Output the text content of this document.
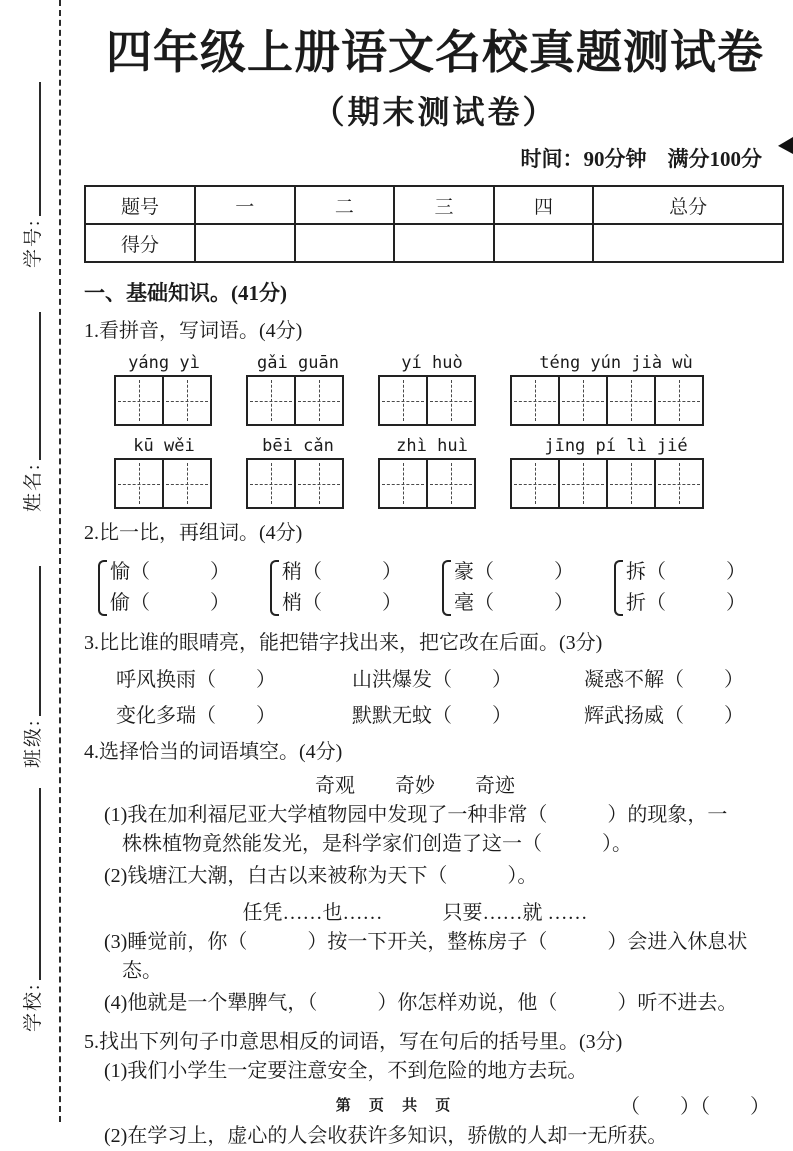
学号:
姓名:
班级:
学校:
四年级上册语文名校真题测试卷
（期末测试卷）
时间：90分钟　满分100分
题号	一	二	三	四	总分
得分					
一、基础知识。(41分)
1.看拼音，写词语。(4分)
yáng yì	gǎi guān	yí huò	téng yún jià wù
kū wěi	bēi cǎn	zhì huì	jīng pí lì jié
2.比一比，再组词。(4分)
愉（　　　）
偷（　　　）
稍（　　　）
梢（　　　）
豪（　　　）
毫（　　　）
拆（　　　）
折（　　　）
3.比比谁的眼晴亮，能把错字找出来，把它改在后面。(3分)
呼风换雨（　　）	山洪爆发（　　）	凝惑不解（　　）
变化多瑞（　　）	默默无蚊（　　）	辉武扬威（　　）
4.选择恰当的词语填空。(4分)
奇观　　奇妙　　奇迹
(1)我在加利福尼亚大学植物园中发现了一种非常（　　　）的现象，一
株株植物竟然能发光，是科学家们创造了这一（　　　）。
(2)钱塘江大潮，白古以来被称为天下（　　　）。
任凭……也……　　　只要……就 ……
(3)睡觉前，你（　　　）按一下开关，整栋房子（　　　）会进入休息状
态。
(4)他就是一个犟脾气，（　　　）你怎样劝说，他（　　　）听不进去。
5.找出下列句子巾意思相反的词语，写在句后的括号里。(3分)
(1)我们小学生一定要注意安全，不到危险的地方去玩。
（　　）（　　）
(2)在学习上，虚心的人会收获许多知识，骄傲的人却一无所获。
第 页 共 页
